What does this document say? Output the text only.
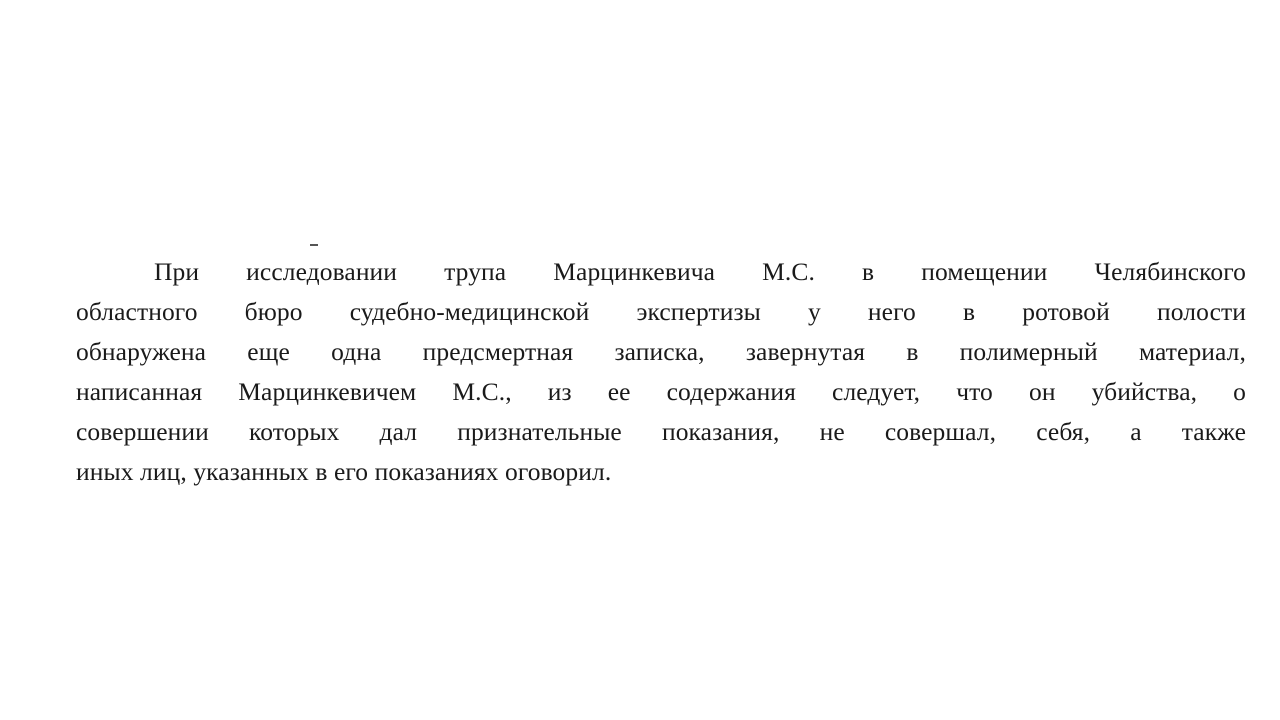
При исследовании трупа Марцинкевича М.С. в помещении Челябинского
областного бюро судебно-медицинской экспертизы у него в ротовой полости
обнаружена еще одна предсмертная записка, завернутая в полимерный материал,
написанная Марцинкевичем М.С., из ее содержания следует, что он убийства, о
совершении которых дал признательные показания, не совершал, себя, а также
иных лиц, указанных в его показаниях оговорил.
